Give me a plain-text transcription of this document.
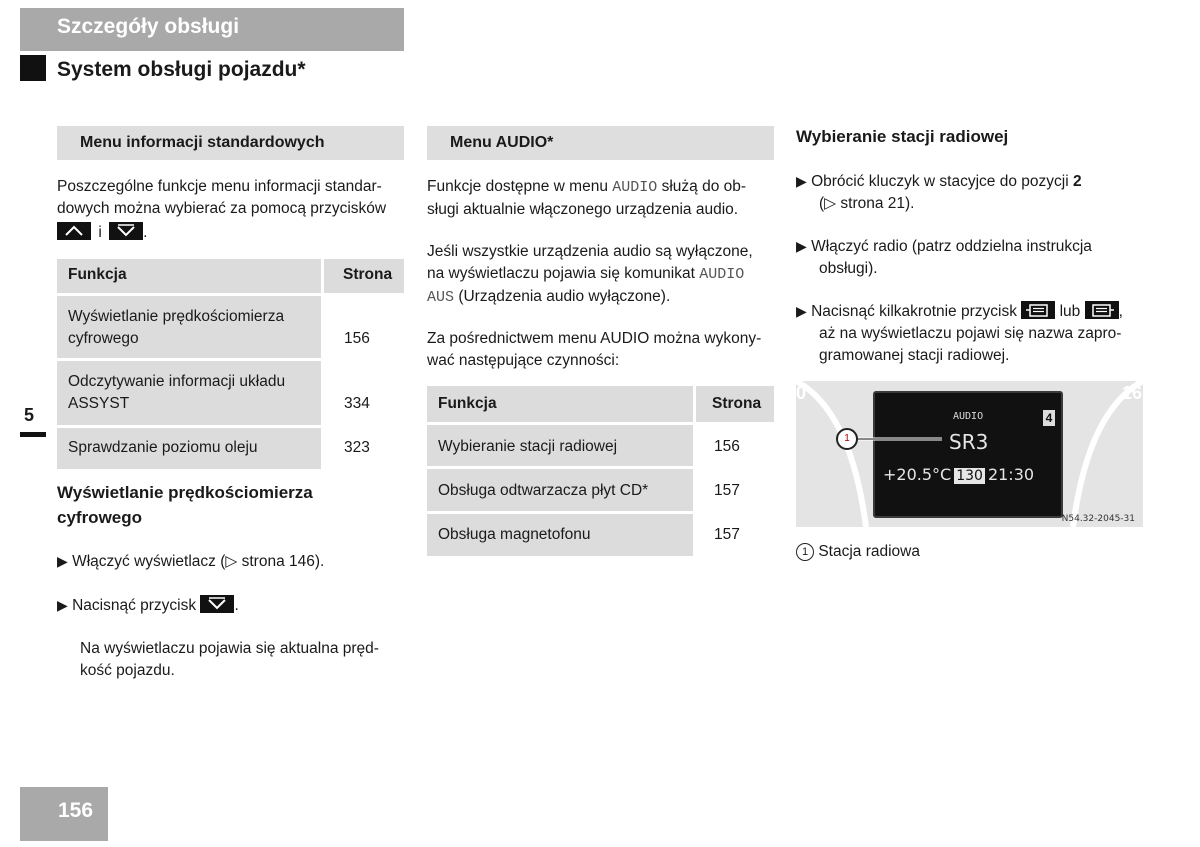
Szczegóły obsługi
System obsługi pojazdu*
5
Menu informacji standardowych
Poszczególne funkcje menu informacji standar-
dowych można wybierać za pomocą przycisków
i	.
Funkcja	Strona
Wyświetlanie prędkościomierza
cyfrowego	156
Odczytywanie informacji układu
ASSYST	334
Sprawdzanie poziomu oleju	323
Wyświetlanie prędkościomierza
cyfrowego
▶ Włączyć wyświetlacz (▷ strona 146).
▶ Nacisnąć przycisk .
Na wyświetlaczu pojawia się aktualna pręd-
kość pojazdu.
Menu AUDIO*
Funkcje dostępne w menu AUDIO służą do ob-
sługi aktualnie włączonego urządzenia audio.
Jeśli wszystkie urządzenia audio są wyłączone,
na wyświetlaczu pojawia się komunikat AUDIO
AUS (Urządzenia audio wyłączone).
Za pośrednictwem menu AUDIO można wykony-
wać następujące czynności:
Funkcja	Strona
Wybieranie stacji radiowej	156
Obsługa odtwarzacza płyt CD*	157
Obsługa magnetofonu	157
Wybieranie stacji radiowej
▶ Obrócić kluczyk w stacyjce do pozycji 2
(▷ strona 21).
▶ Włączyć radio (patrz oddzielna instrukcja
obsługi).
▶ Nacisnąć kilkakrotnie przycisk	lub ,
aż na wyświetlaczu pojawi się nazwa zapro-
gramowanej stacji radiowej.
0	16
AUDIO	4
SR3
+20.5°C 130 21:30
1
N54.32-2045-31
1 Stacja radiowa
156
